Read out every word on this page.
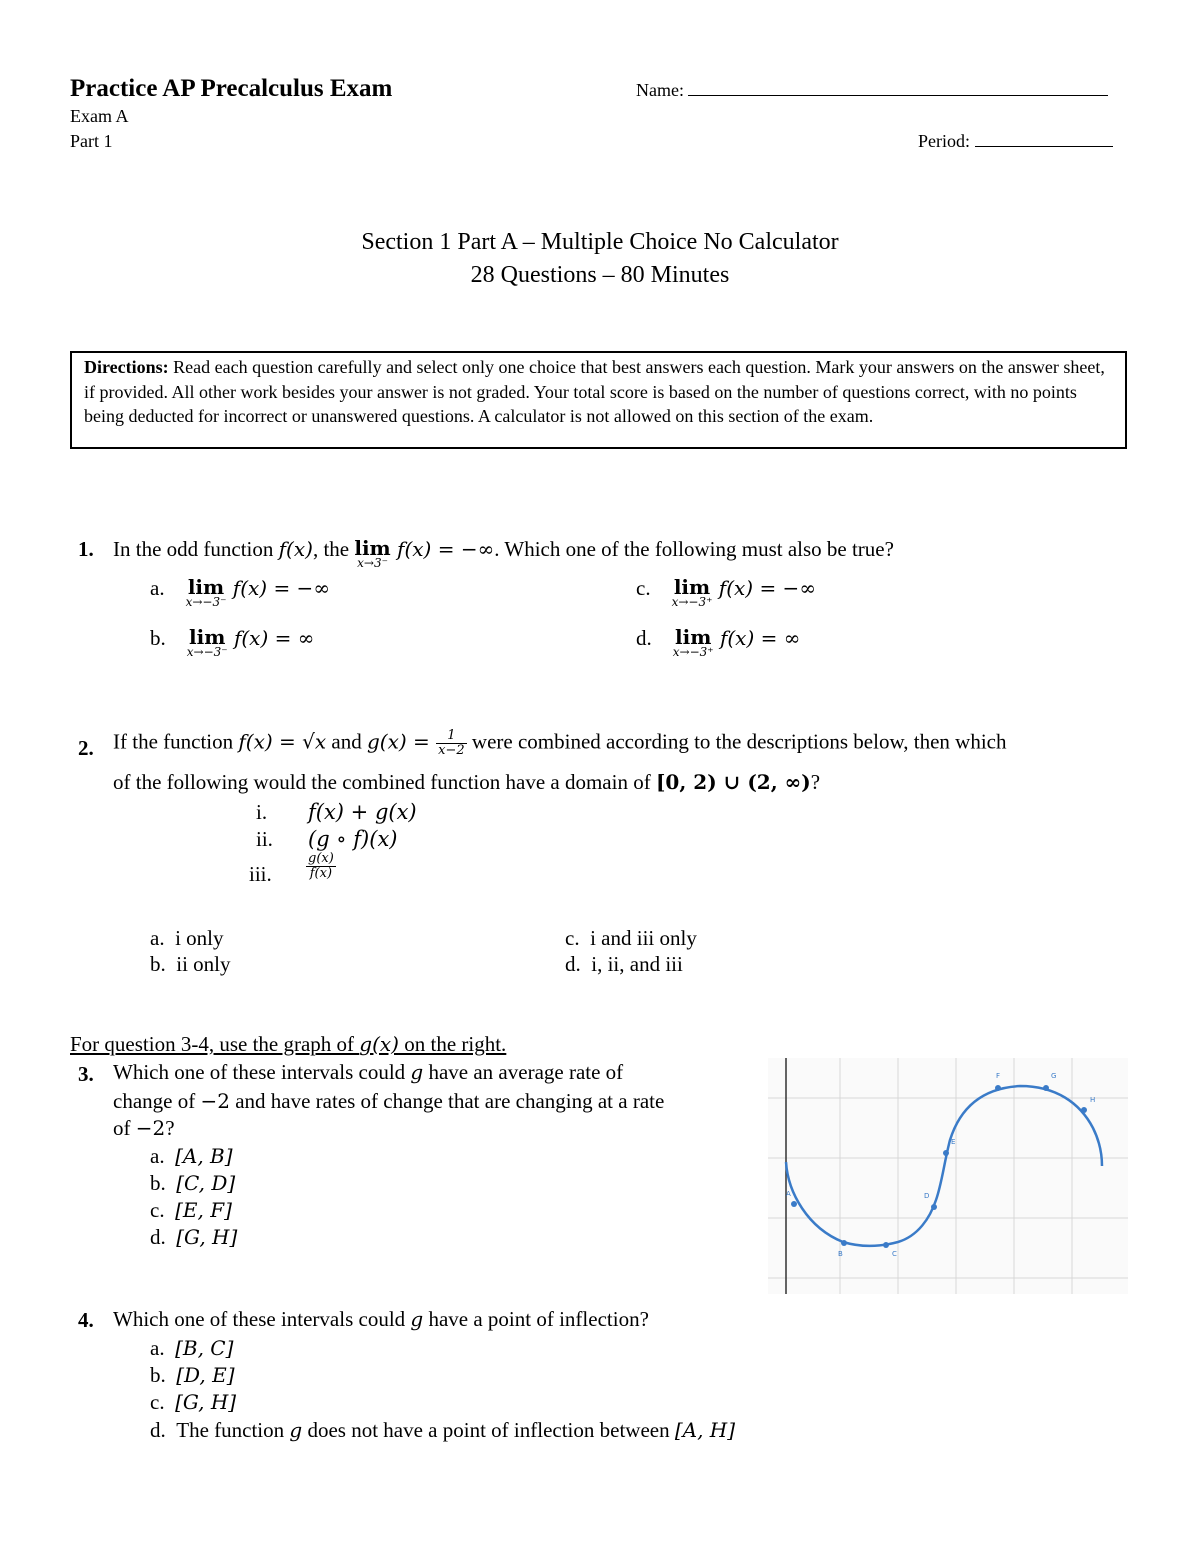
Practice AP Precalculus Exam
Exam A
Part 1
Name:
Period:
Section 1 Part A – Multiple Choice No Calculator
28 Questions – 80 Minutes
Directions: Read each question carefully and select only one choice that best answers each question. Mark your answers on the answer sheet, if provided. All other work besides your answer is not graded. Your total score is based on the number of questions correct, with no points being deducted for incorrect or unanswered questions. A calculator is not allowed on this section of the exam.
1. In the odd function f(x), the lim
x→3⁻
f(x) = −∞. Which one of the following must also be true?
a. lim
x→−3⁻
f(x) = −∞
b. lim
x→−3⁻
f(x) = ∞
c. lim
x→−3⁺
f(x) = −∞
d. lim
x→−3⁺
f(x) = ∞
2. If the function f(x) = √x and $g(x) = \frac{1}{x-2}$ were combined according to the descriptions below, then which
of the following would the combined function have a domain of [0, 2) ∪ (2, ∞)?
i. f(x) + g(x)
ii. (g ∘ f)(x)
iii.	$\frac{g(x)}{f(x)}$
a. i only
b. ii only
c. i and iii only
d. i, ii, and iii
For question 3-4, use the graph of g(x) on the right.
3. Which one of these intervals could g have an average rate of
change of −2 and have rates of change that are changing at a rate
of −2?
a. [A, B]
b. [C, D]
c. [E, F]
d. [G, H]
A
B	C
D
E
F	G
H
4. Which one of these intervals could g have a point of inflection?
a. [B, C]
b. [D, E]
c. [G, H]
d. The function g does not have a point of inflection between [A, H]
